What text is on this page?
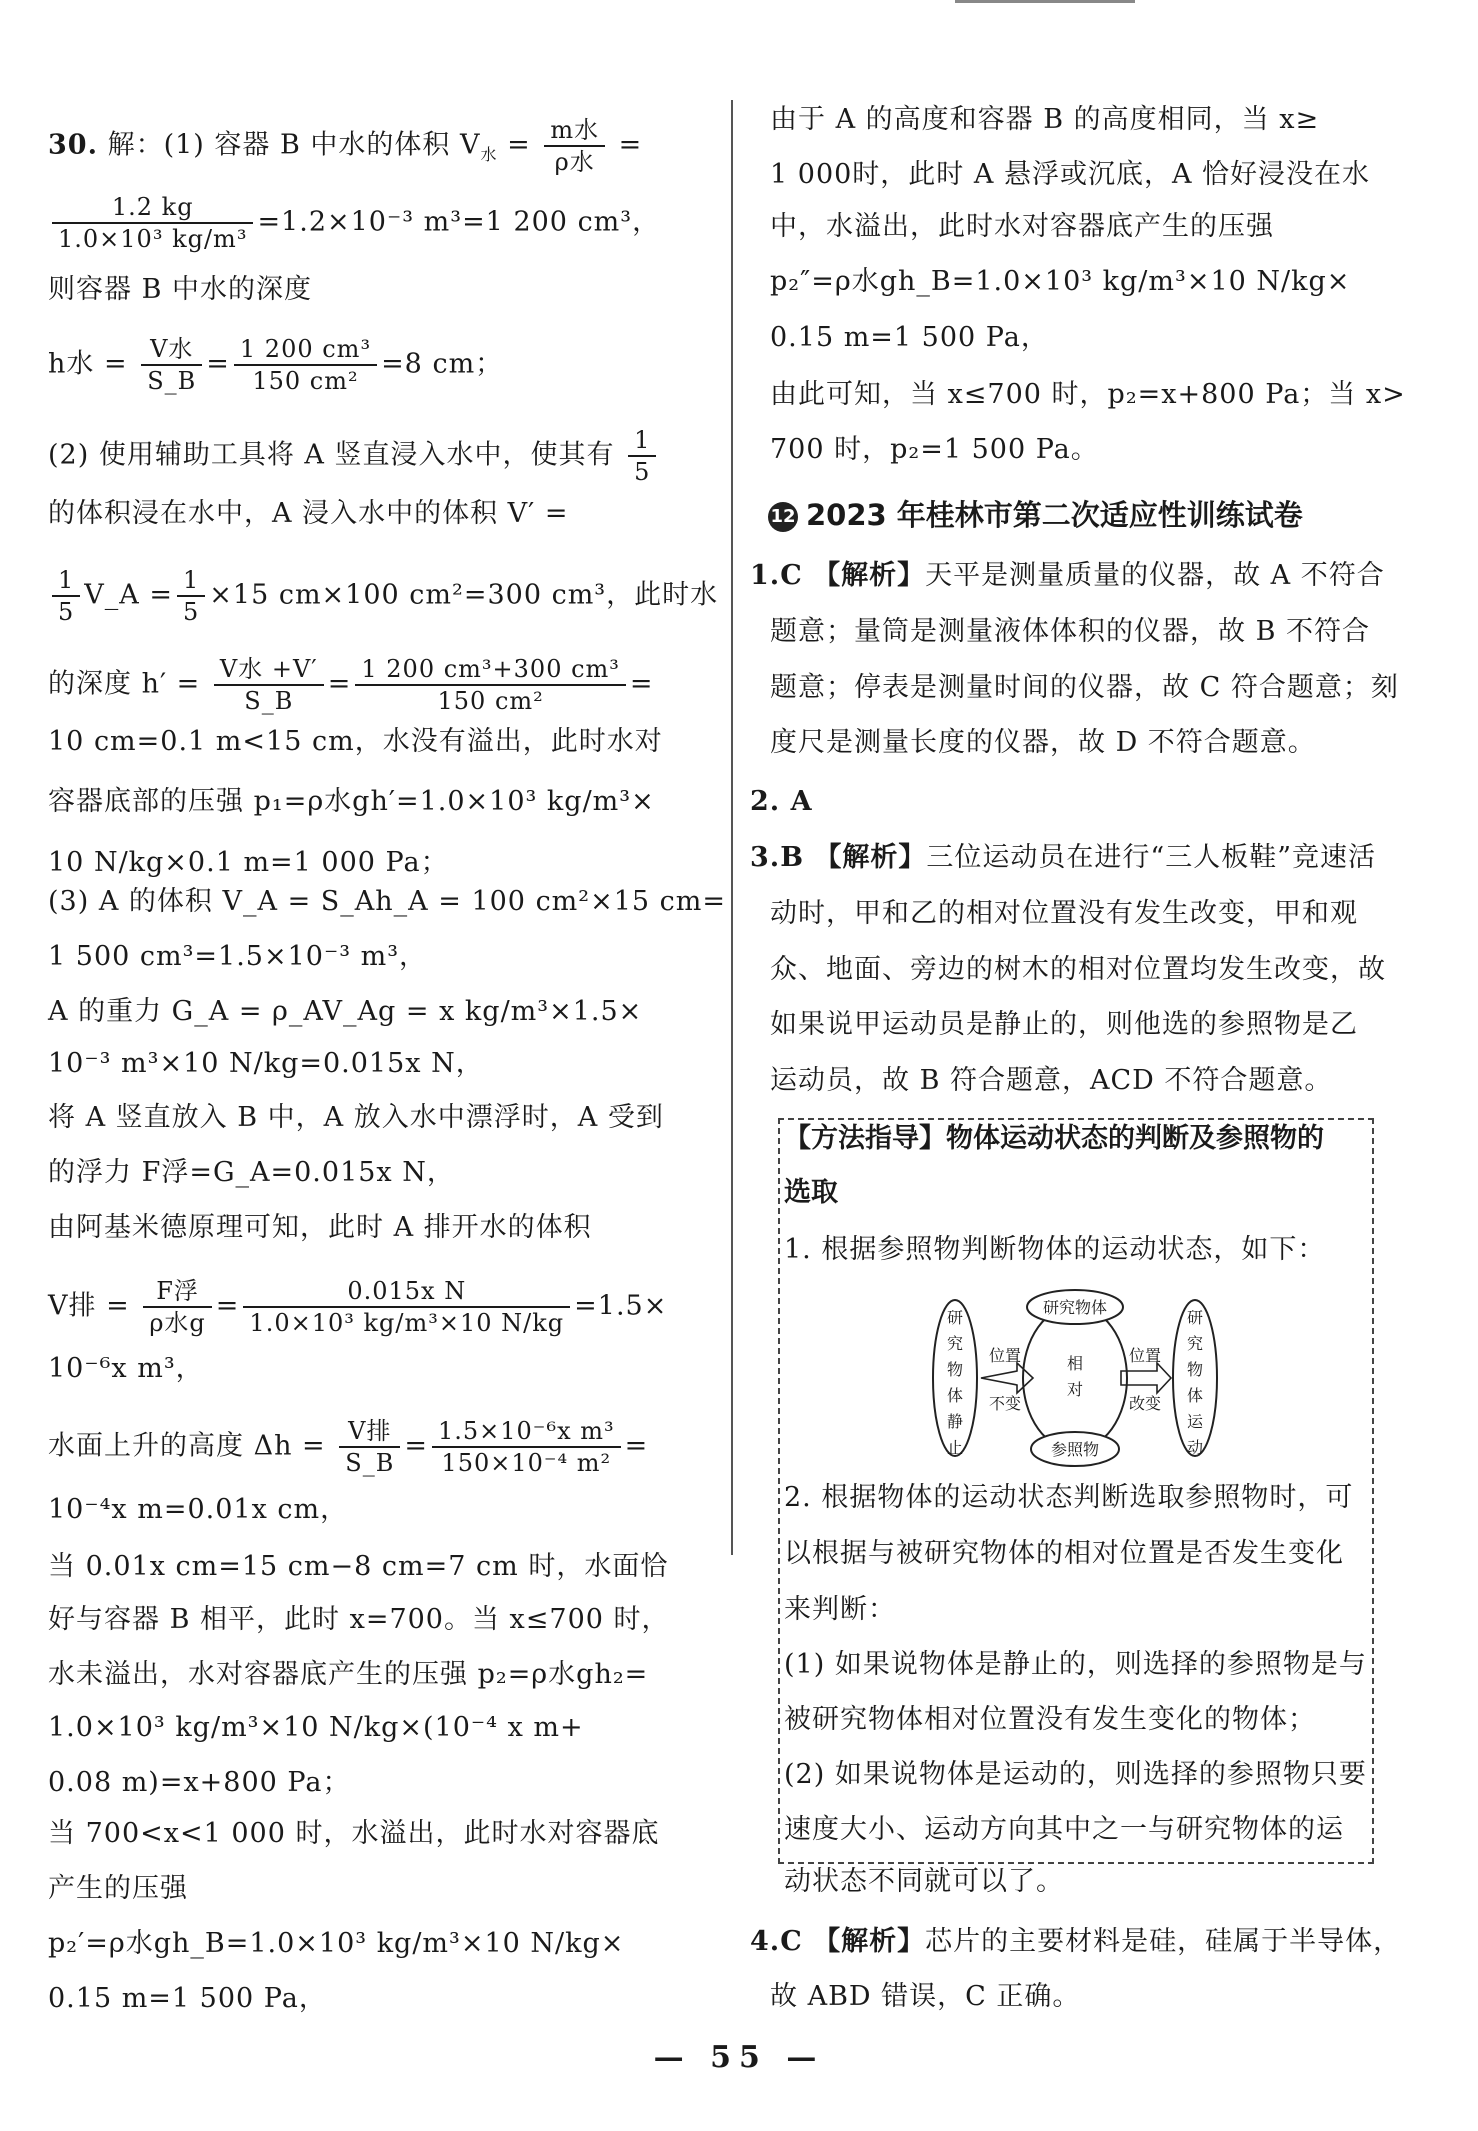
30. 解：(1) 容器 B 中水的体积 $V_水 = \frac{\text{m水}}{\text{ρ水}}$ =
$\frac{1.2 kg}{\text{1.0×10³ kg/m³}} =1.2\times 10^{-3}$ m³=1 200 cm³，
则容器 B 中水的深度
h水 = $\frac{\text{V水}}{S\_B} = \frac{\text{1 200 cm³}}{\text{150 cm²}} =8$ cm；
(2) 使用辅助工具将 A 竖直浸入水中，使其有 $\frac{1}{5}$
的体积浸在水中，A 浸入水中的体积 V′ =
$\frac{1}{5}$ V_A = $\frac{1}{5} \times 15$ cm×100 cm²=300 cm³，此时水
的深度 $h' = \frac{\text{V水 +V′}}{S\_B} = \frac{\text{1 200 cm³+300 cm³}}{\text{150 cm²}}$ =
10 cm=0.1 m<15 cm，水没有溢出，此时水对
容器底部的压强 p₁=ρ水gh′=1.0×10³ kg/m³×
10 N/kg×0.1 m=1 000 Pa；
(3) A 的体积 V_A = S_Ah_A = 100 cm²×15 cm=
1 500 cm³=1.5×10⁻³ m³，
A 的重力 G_A = ρ_AV_Ag = x kg/m³×1.5×
10⁻³ m³×10 N/kg=0.015x N，
将 A 竖直放入 B 中，A 放入水中漂浮时，A 受到
的浮力 F浮=G_A=0.015x N，
由阿基米德原理可知，此时 A 排开水的体积
V排 = $\frac{\text{F浮}}{\text{ρ水g}} = \frac{\text{0.015x N}}{\text{1.0×10³ kg/m³×10 N/kg}} =1.5\times$
10⁻⁶x m³，
水面上升的高度 $\Delta h = \frac{\text{V排}}{S\_B} = \frac{\text{1.5×10⁻⁶x m³}}{\text{150×10⁻⁴ m²}}$ =
10⁻⁴x m=0.01x cm，
当 0.01x cm=15 cm−8 cm=7 cm 时，水面恰
好与容器 B 相平，此时 x=700。当 x≤700 时，
水未溢出，水对容器底产生的压强 p₂=ρ水gh₂=
1.0×10³ kg/m³×10 N/kg×(10⁻⁴ x m+
0.08 m)=x+800 Pa；
当 700<x<1 000 时，水溢出，此时水对容器底
产生的压强
p₂′=ρ水gh_B=1.0×10³ kg/m³×10 N/kg×
0.15 m=1 500 Pa，
由于 A 的高度和容器 B 的高度相同，当 x≥
1 000时，此时 A 悬浮或沉底，A 恰好浸没在水
中，水溢出，此时水对容器底产生的压强
p₂″=ρ水gh_B=1.0×10³ kg/m³×10 N/kg×
0.15 m=1 500 Pa，
由此可知，当 x≤700 时，p₂=x+800 Pa；当 x>
700 时，p₂=1 500 Pa。
12 2023 年桂林市第二次适应性训练试卷
1.C 【解析】天平是测量质量的仪器，故 A 不符合
题意；量筒是测量液体体积的仪器，故 B 不符合
题意；停表是测量时间的仪器，故 C 符合题意；刻
度尺是测量长度的仪器，故 D 不符合题意。
2. A
3.B 【解析】三位运动员在进行“三人板鞋”竞速活
动时，甲和乙的相对位置没有发生改变，甲和观
众、地面、旁边的树木的相对位置均发生改变，故
如果说甲运动员是静止的，则他选的参照物是乙
运动员，故 B 符合题意，ACD 不符合题意。
【方法指导】物体运动状态的判断及参照物的
选取
1. 根据参照物判断物体的运动状态，如下：
研究物体静止
研究物体运动
研究物体
参照物
相对
位置
不变
位置
改变
2. 根据物体的运动状态判断选取参照物时，可
以根据与被研究物体的相对位置是否发生变化
来判断：
(1) 如果说物体是静止的，则选择的参照物是与
被研究物体相对位置没有发生变化的物体；
(2) 如果说物体是运动的，则选择的参照物只要
速度大小、运动方向其中之一与研究物体的运
动状态不同就可以了。
4.C 【解析】芯片的主要材料是硅，硅属于半导体，
故 ABD 错误，C 正确。
— 55 —
